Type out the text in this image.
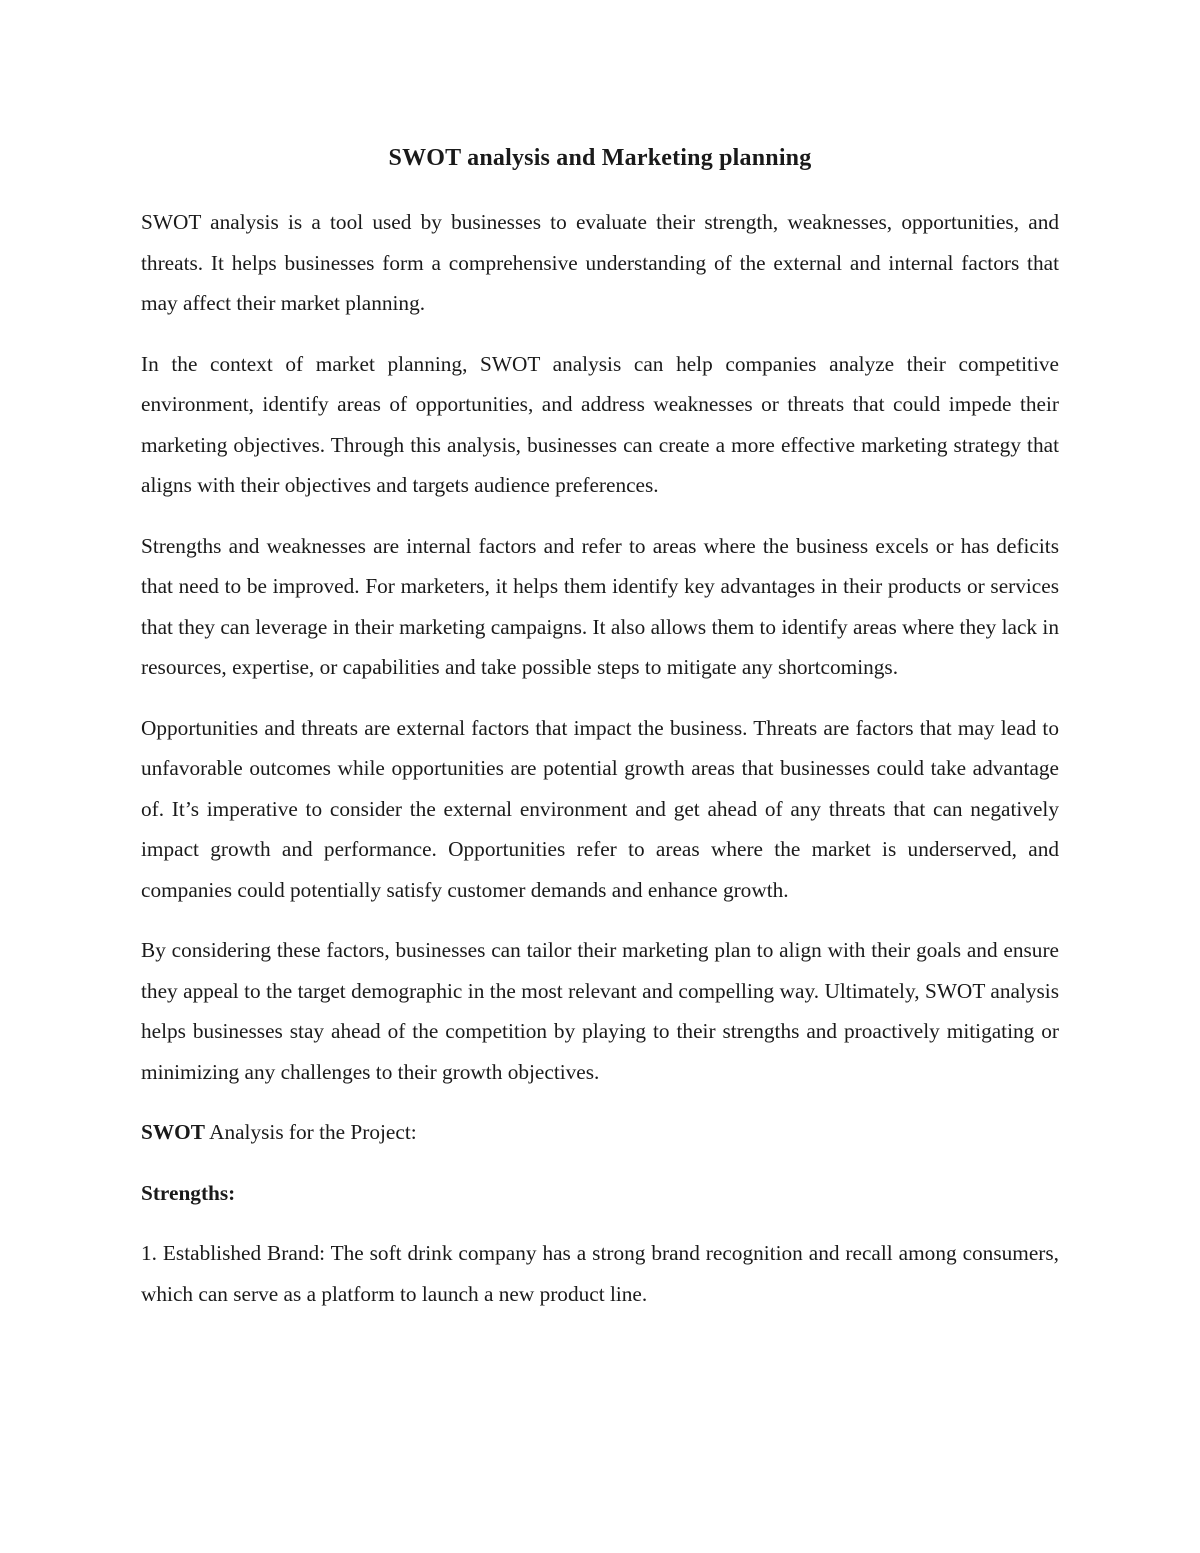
SWOT analysis and Marketing planning

SWOT analysis is a tool used by businesses to evaluate their strength, weaknesses, opportunities, and threats. It helps businesses form a comprehensive understanding of the external and internal factors that may affect their market planning.

In the context of market planning, SWOT analysis can help companies analyze their competitive environment, identify areas of opportunities, and address weaknesses or threats that could impede their marketing objectives. Through this analysis, businesses can create a more effective marketing strategy that aligns with their objectives and targets audience preferences.

Strengths and weaknesses are internal factors and refer to areas where the business excels or has deficits that need to be improved. For marketers, it helps them identify key advantages in their products or services that they can leverage in their marketing campaigns. It also allows them to identify areas where they lack in resources, expertise, or capabilities and take possible steps to mitigate any shortcomings.

Opportunities and threats are external factors that impact the business. Threats are factors that may lead to unfavorable outcomes while opportunities are potential growth areas that businesses could take advantage of. It’s imperative to consider the external environment and get ahead of any threats that can negatively impact growth and performance. Opportunities refer to areas where the market is underserved, and companies could potentially satisfy customer demands and enhance growth.

By considering these factors, businesses can tailor their marketing plan to align with their goals and ensure they appeal to the target demographic in the most relevant and compelling way. Ultimately, SWOT analysis helps businesses stay ahead of the competition by playing to their strengths and proactively mitigating or minimizing any challenges to their growth objectives.

SWOT Analysis for the Project:

Strengths:

1. Established Brand: The soft drink company has a strong brand recognition and recall among consumers, which can serve as a platform to launch a new product line.
